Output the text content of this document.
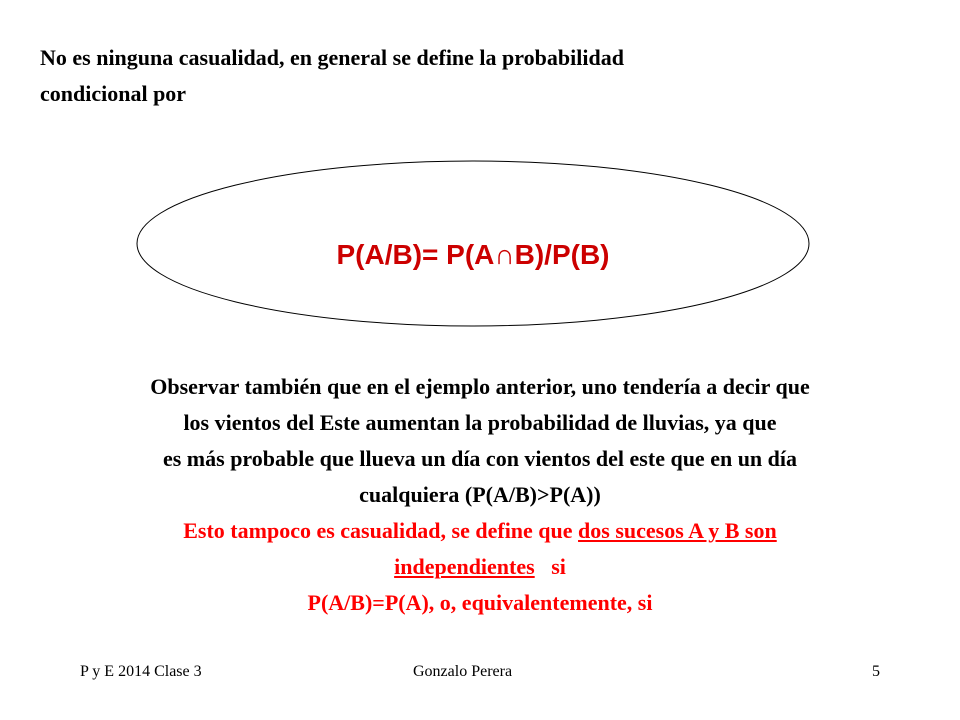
No es ninguna casualidad, en general se define la probabilidad
condicional por
P(A/B)= P(A∩B)/P(B)
Observar también que en el ejemplo anterior, uno tendería a decir que
los vientos del Este aumentan la probabilidad de lluvias, ya que
es más probable que llueva un día con vientos del este que en un día
cualquiera (P(A/B)>P(A))
Esto tampoco es casualidad, se define que dos sucesos A y B son
independientes   si
P(A/B)=P(A), o, equivalentemente, si
P y E 2014 Clase 3	Gonzalo Perera	5
